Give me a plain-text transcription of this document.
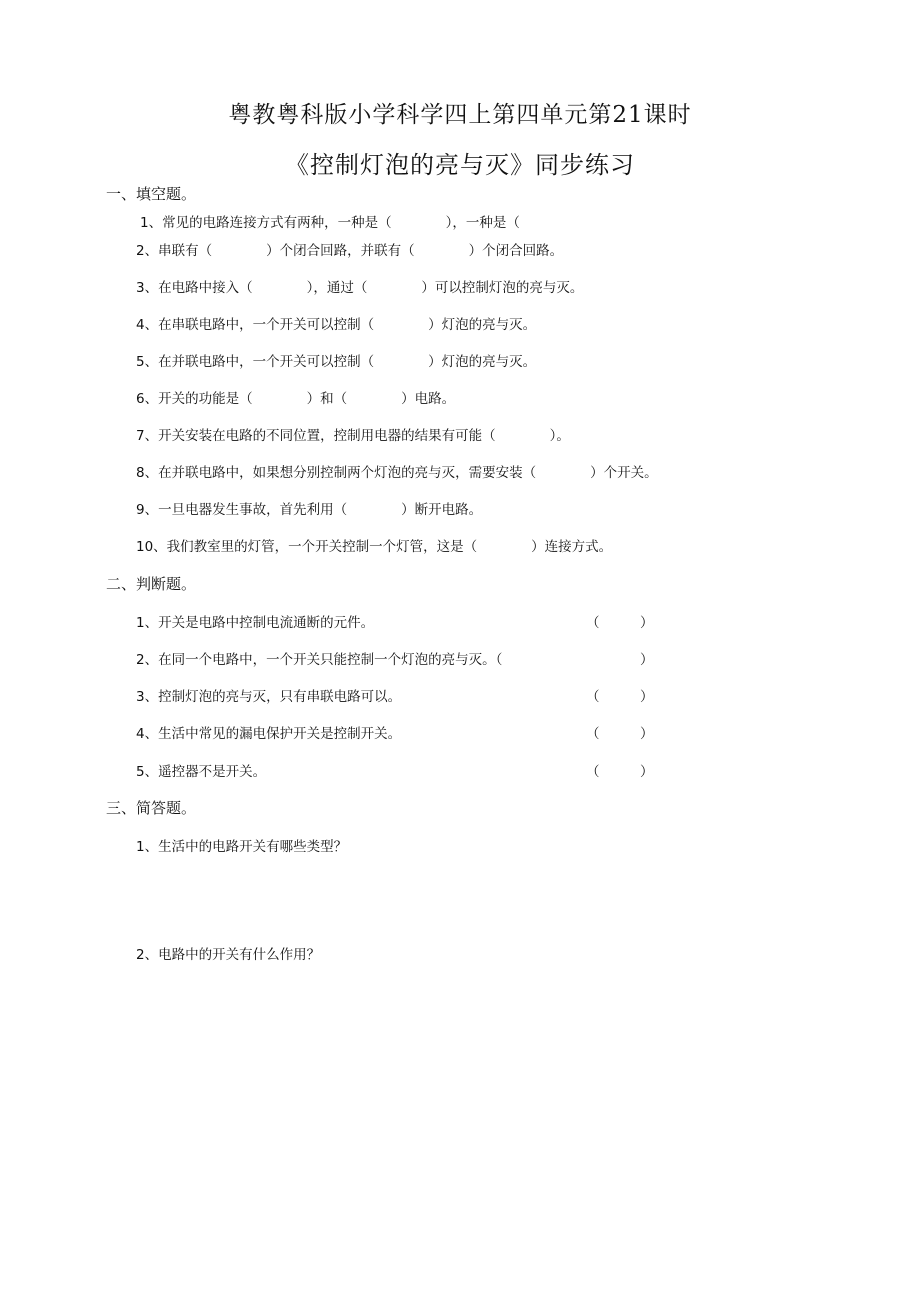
粤教粤科版小学科学四上第四单元第21课时
《控制灯泡的亮与灭》同步练习
一、填空题。
1、常见的电路连接方式有两种，一种是（　　　　），一种是（
2、串联有（　　　　）个闭合回路，并联有（　　　　）个闭合回路。
3、在电路中接入（　　　　），通过（　　　　）可以控制灯泡的亮与灭。
4、在串联电路中，一个开关可以控制（　　　　）灯泡的亮与灭。
5、在并联电路中，一个开关可以控制（　　　　）灯泡的亮与灭。
6、开关的功能是（　　　　）和（　　　　）电路。
7、开关安装在电路的不同位置，控制用电器的结果有可能（　　　　）。
8、在并联电路中，如果想分别控制两个灯泡的亮与灭，需要安装（　　　　）个开关。
9、一旦电器发生事故，首先利用（　　　　）断开电路。
10、我们教室里的灯管，一个开关控制一个灯管，这是（　　　　）连接方式。
二、判断题。
1、开关是电路中控制电流通断的元件。	（　　　）
2、在同一个电路中，一个开关只能控制一个灯泡的亮与灭。（	）
3、控制灯泡的亮与灭，只有串联电路可以。	（　　　）
4、生活中常见的漏电保护开关是控制开关。	（　　　）
5、遥控器不是开关。	（　　　）
三、简答题。
1、生活中的电路开关有哪些类型？
2、电路中的开关有什么作用？
